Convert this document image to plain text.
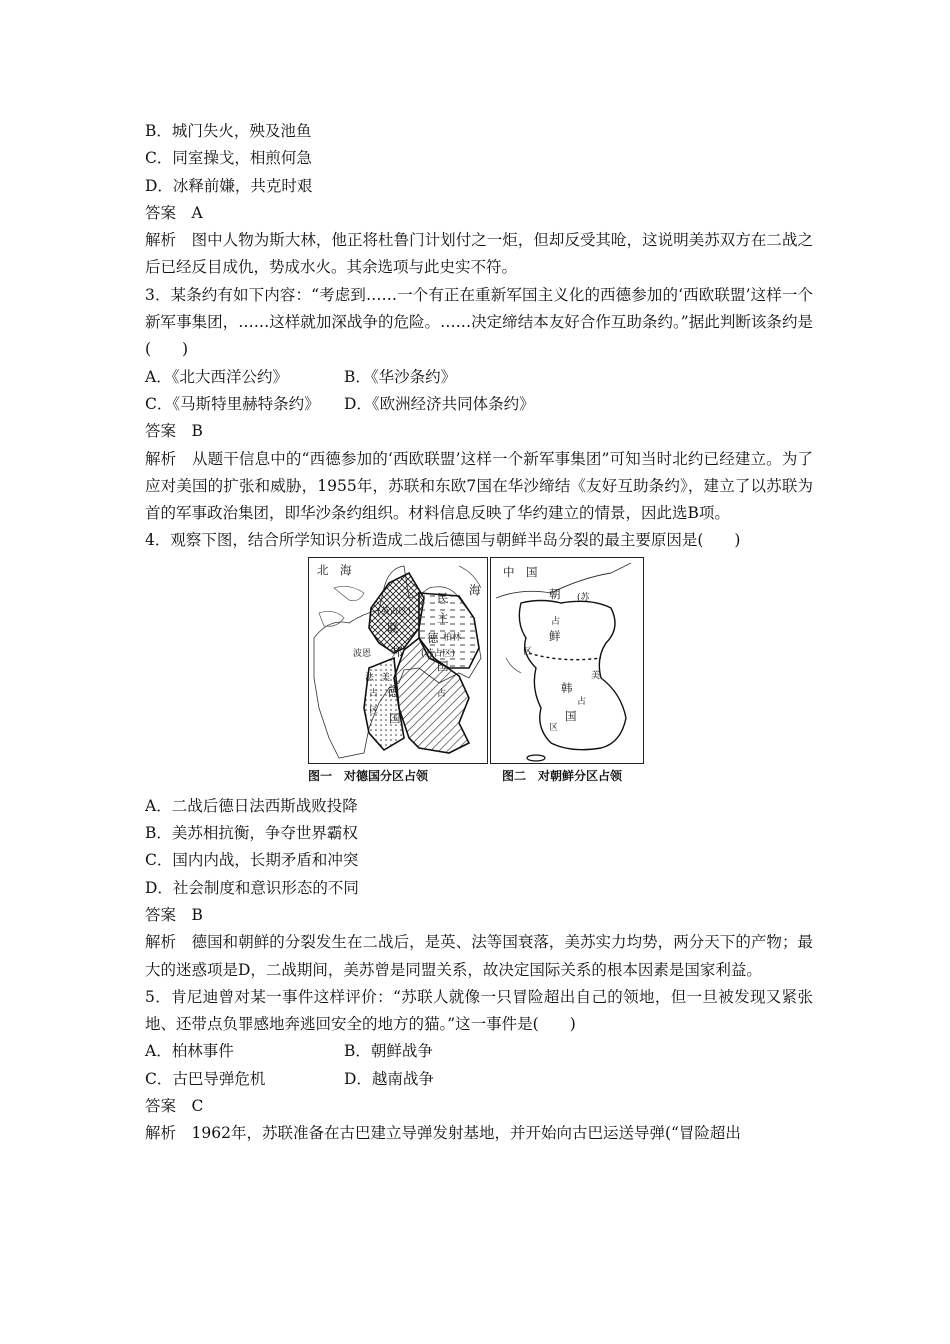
B．城门失火，殃及池鱼
C．同室操戈，相煎何急
D．冰释前嫌，共克时艰
答案　A
解析　图中人物为斯大林，他正将杜鲁门计划付之一炬，但却反受其呛，这说明美苏双方在二战之后已经反目成仇，势成水火。其余选项与此史实不符。
3．某条约有如下内容：“考虑到……一个有正在重新军国主义化的西德参加的‘西欧联盟’这样一个新军事集团，……这样就加深战争的危险。……决定缔结本友好合作互助条约。”据此判断该条约是(　　)
A．《北大西洋公约》	B．《华沙条约》
C．《马斯特里赫特条约》 D．《欧洲经济共同体条约》
答案　B
解析　从题干信息中的“西德参加的‘西欧联盟’这样一个新军事集团”可知当时北约已经建立。为了应对美国的扩张和威胁，1955年，苏联和东欧7国在华沙缔结《友好互助条约》，建立了以苏联为首的军事政治集团，即华沙条约组织。材料信息反映了华约建立的情景，因此选B项。
4．观察下图，结合所学知识分析造成二战后德国与朝鲜半岛分裂的最主要原因是(　　)
北　海
海
(英占区)
联
民
主
德 柏林
(苏占区)
国
波恩 邦
法 美
占
区
德
国
占
图一　对德国分区占领
中　国
朝 (苏
占
鲜
区
美
韩
占
国
区
图二　对朝鲜分区占领
A．二战后德日法西斯战败投降
B．美苏相抗衡，争夺世界霸权
C．国内内战，长期矛盾和冲突
D．社会制度和意识形态的不同
答案　B
解析　德国和朝鲜的分裂发生在二战后，是英、法等国衰落，美苏实力均势，两分天下的产物；最大的迷惑项是D，二战期间，美苏曾是同盟关系，故决定国际关系的根本因素是国家利益。
5．肯尼迪曾对某一事件这样评价：“苏联人就像一只冒险超出自己的领地，但一旦被发现又紧张地、还带点负罪感地奔逃回安全的地方的猫。”这一事件是(　　)
A．柏林事件	B．朝鲜战争
C．古巴导弹危机	D．越南战争
答案　C
解析　1962年，苏联准备在古巴建立导弹发射基地，并开始向古巴运送导弹(“冒险超出
